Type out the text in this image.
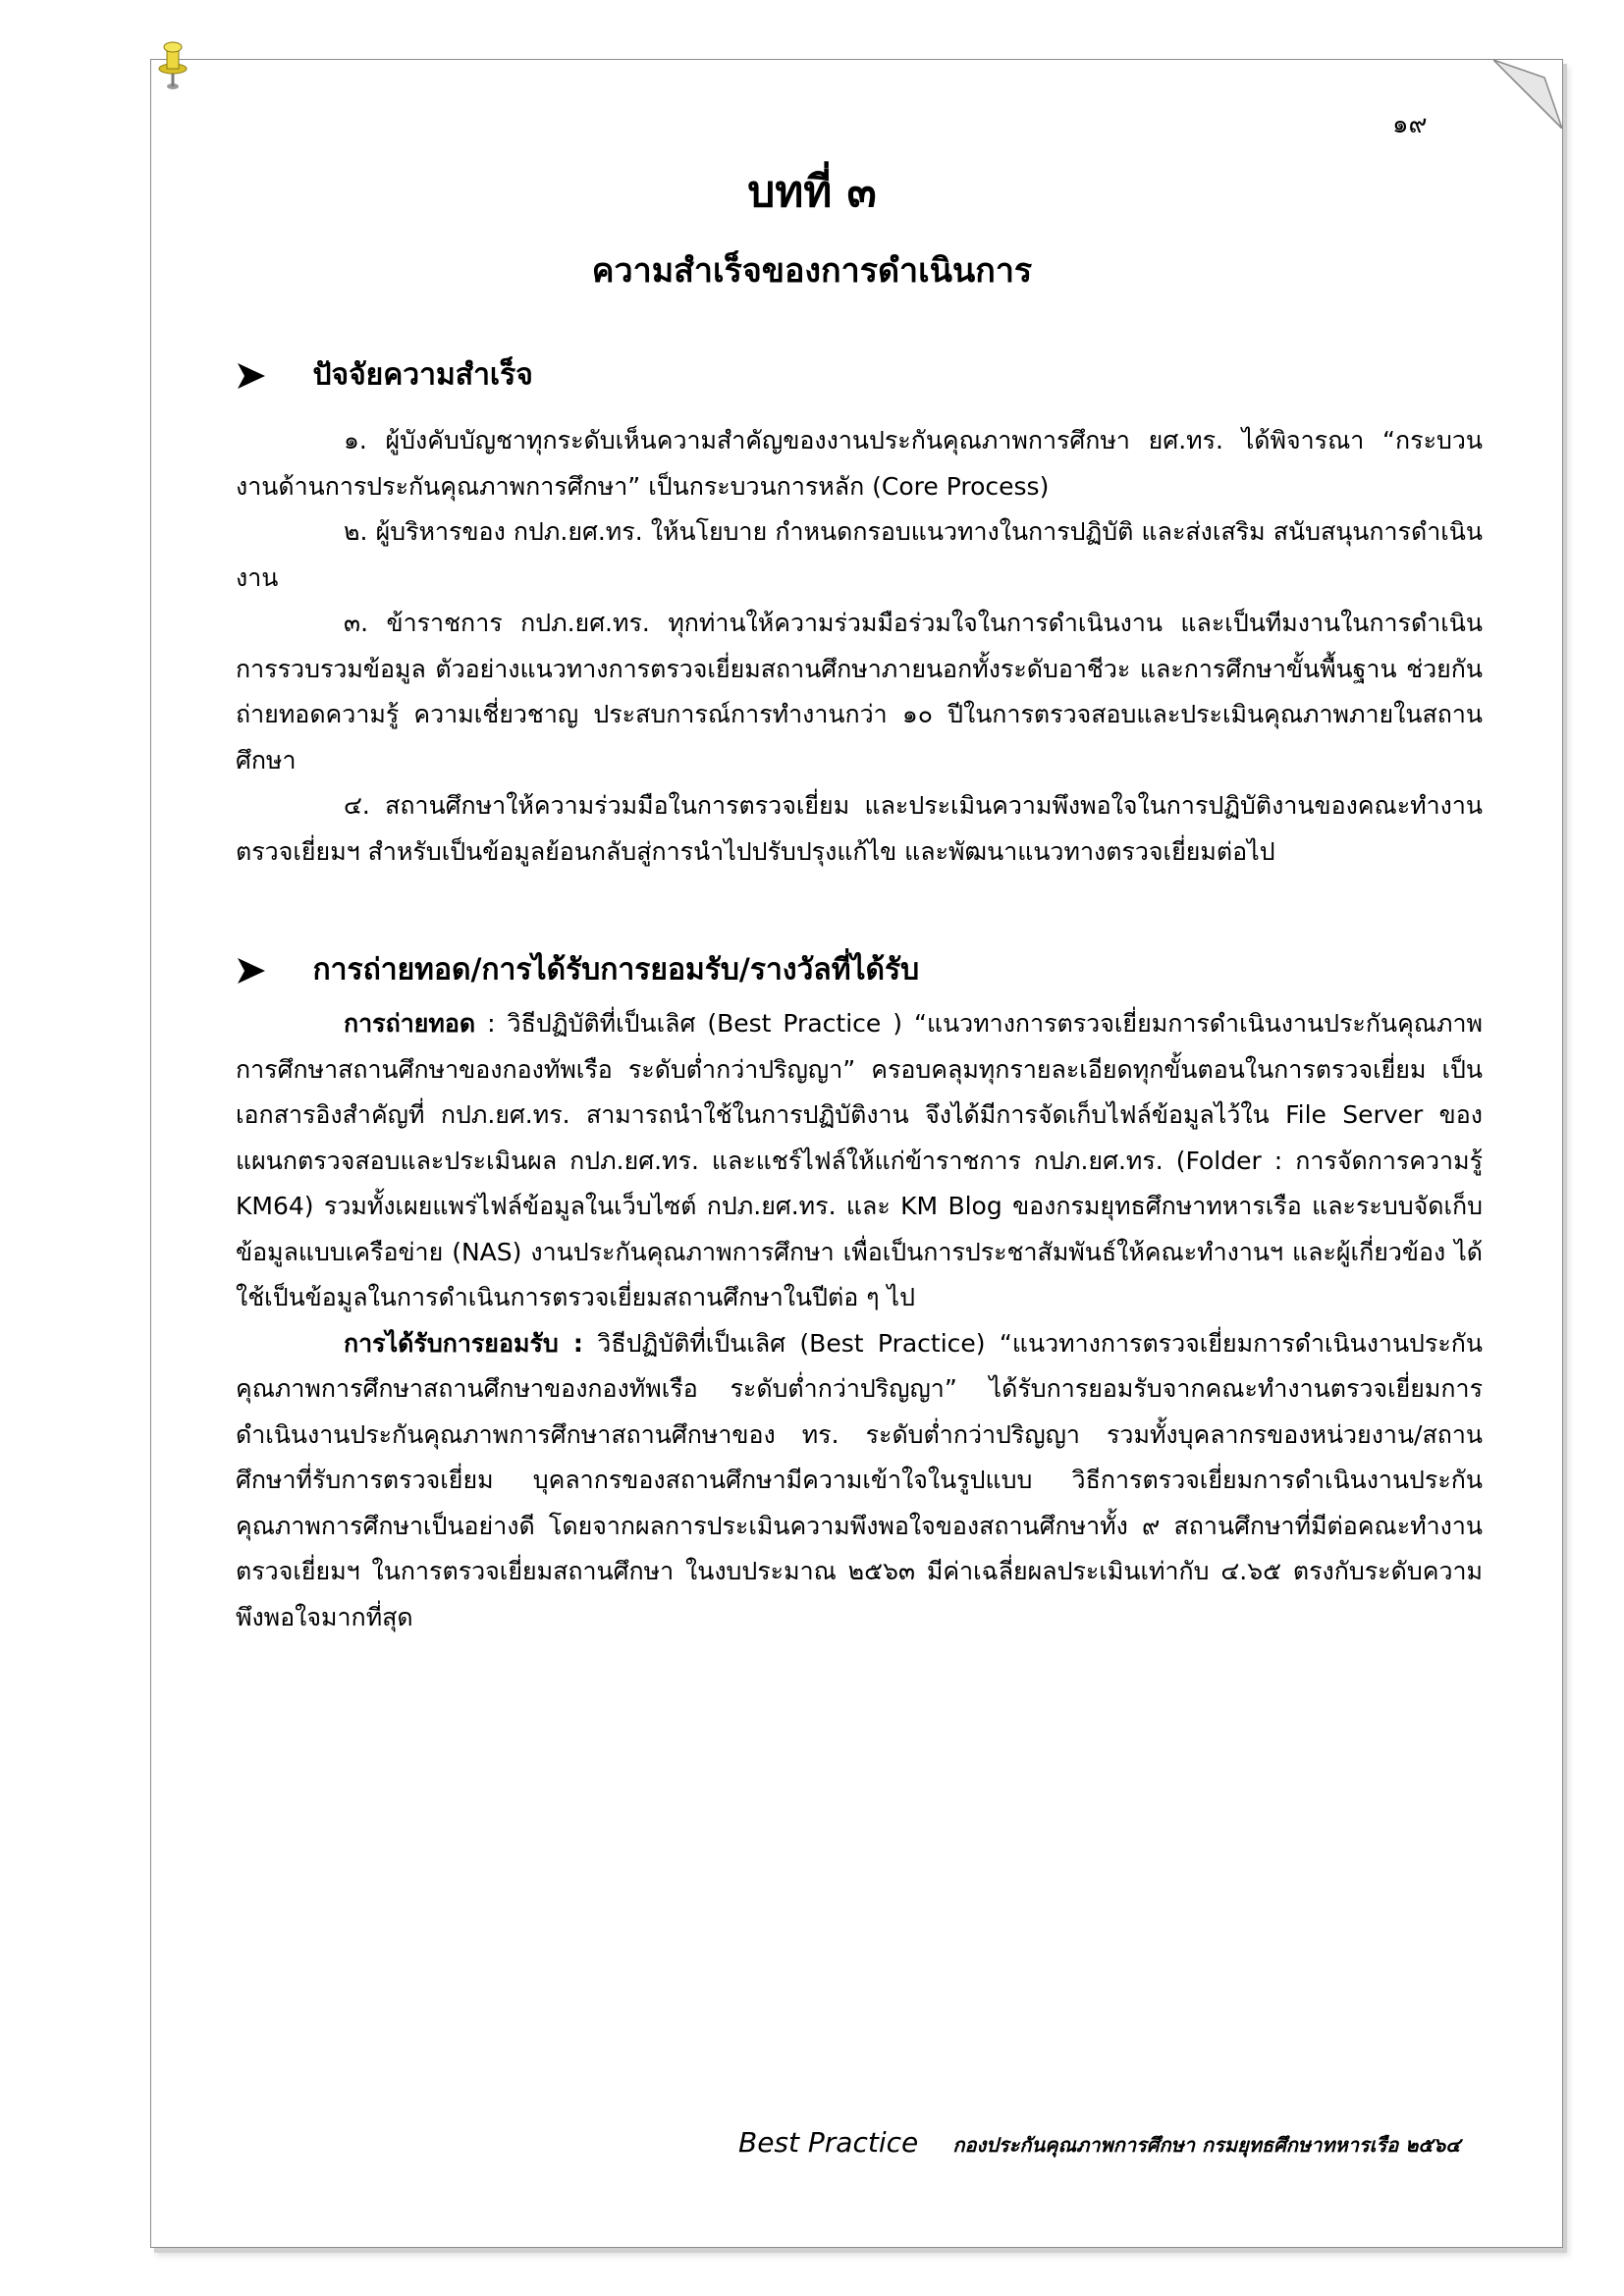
๑๙
บทที่ ๓
ความสำเร็จของการดำเนินการ
ปัจจัยความสำเร็จ

๑. ผู้บังคับบัญชาทุกระดับเห็นความสำคัญของงานประกันคุณภาพการศึกษา ยศ.ทร. ได้พิจารณา “กระบวนงานด้านการประกันคุณภาพการศึกษา” เป็นกระบวนการหลัก (Core Process)

๒. ผู้บริหารของ กปภ.ยศ.ทร. ให้นโยบาย กำหนดกรอบแนวทางในการปฏิบัติ และส่งเสริม สนับสนุนการดำเนินงาน

๓. ข้าราชการ กปภ.ยศ.ทร. ทุกท่านให้ความร่วมมือร่วมใจในการดำเนินงาน และเป็นทีมงานในการดำเนินการรวบรวมข้อมูล ตัวอย่างแนวทางการตรวจเยี่ยมสถานศึกษาภายนอกทั้งระดับอาชีวะ และการศึกษาขั้นพื้นฐาน ช่วยกันถ่ายทอดความรู้ ความเชี่ยวชาญ ประสบการณ์การทำงานกว่า ๑๐ ปีในการตรวจสอบและประเมินคุณภาพภายในสถานศึกษา

๔. สถานศึกษาให้ความร่วมมือในการตรวจเยี่ยม และประเมินความพึงพอใจในการปฏิบัติงานของคณะทำงานตรวจเยี่ยมฯ สำหรับเป็นข้อมูลย้อนกลับสู่การนำไปปรับปรุงแก้ไข และพัฒนาแนวทางตรวจเยี่ยมต่อไป

การถ่ายทอด/การได้รับการยอมรับ/รางวัลที่ได้รับ

การถ่ายทอด : วิธีปฏิบัติที่เป็นเลิศ (Best Practice ) “แนวทางการตรวจเยี่ยมการดำเนินงานประกันคุณภาพการศึกษาสถานศึกษาของกองทัพเรือ ระดับต่ำกว่าปริญญา” ครอบคลุมทุกรายละเอียดทุกขั้นตอนในการตรวจเยี่ยม เป็นเอกสารอิงสำคัญที่ กปภ.ยศ.ทร. สามารถนำใช้ในการปฏิบัติงาน จึงได้มีการจัดเก็บไฟล์ข้อมูลไว้ใน File Server ของแผนกตรวจสอบและประเมินผล กปภ.ยศ.ทร. และแชร์ไฟล์ให้แก่ข้าราชการ กปภ.ยศ.ทร. (Folder : การจัดการความรู้ KM64) รวมทั้งเผยแพร่ไฟล์ข้อมูลในเว็บไซต์ กปภ.ยศ.ทร. และ KM Blog ของกรมยุทธศึกษาทหารเรือ และระบบจัดเก็บข้อมูลแบบเครือข่าย (NAS) งานประกันคุณภาพการศึกษา เพื่อเป็นการประชาสัมพันธ์ให้คณะทำงานฯ และผู้เกี่ยวข้อง ได้ใช้เป็นข้อมูลในการดำเนินการตรวจเยี่ยมสถานศึกษาในปีต่อ ๆ ไป

การได้รับการยอมรับ : วิธีปฏิบัติที่เป็นเลิศ (Best Practice) “แนวทางการตรวจเยี่ยมการดำเนินงานประกันคุณภาพการศึกษาสถานศึกษาของกองทัพเรือ ระดับต่ำกว่าปริญญา” ได้รับการยอมรับจากคณะทำงานตรวจเยี่ยมการดำเนินงานประกันคุณภาพการศึกษาสถานศึกษาของ ทร. ระดับต่ำกว่าปริญญา รวมทั้งบุคลากรของหน่วยงาน/สถานศึกษาที่รับการตรวจเยี่ยม บุคลากรของสถานศึกษามีความเข้าใจในรูปแบบ วิธีการตรวจเยี่ยมการดำเนินงานประกันคุณภาพการศึกษาเป็นอย่างดี โดยจากผลการประเมินความพึงพอใจของสถานศึกษาทั้ง ๙ สถานศึกษาที่มีต่อคณะทำงานตรวจเยี่ยมฯ ในการตรวจเยี่ยมสถานศึกษา ในงบประมาณ ๒๕๖๓ มีค่าเฉลี่ยผลประเมินเท่ากับ ๔.๖๕ ตรงกับระดับความพึงพอใจมากที่สุด

Best Practice กองประกันคุณภาพการศึกษา กรมยุทธศึกษาทหารเรือ ๒๕๖๔
